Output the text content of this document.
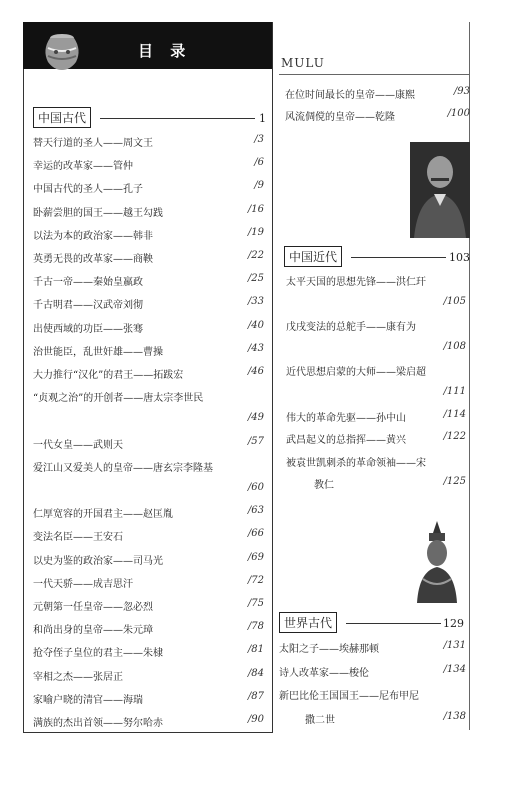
目 录
MULU
中国古代	1
替天行道的圣人——周文王	/3
幸运的改革家——管仲	/6
中国古代的圣人——孔子	/9
卧薪尝胆的国王——越王勾践	/16
以法为本的政治家——韩非	/19
英勇无畏的改革家——商鞅	/22
千古一帝——秦始皇嬴政	/25
千古明君——汉武帝刘彻	/33
出使西域的功臣——张骞	/40
治世能臣，乱世奸雄——曹操	/43
大力推行“汉化”的君王——拓跋宏	/46
“贞观之治”的开创者——唐太宗李世民
/49
一代女皇——武则天	/57
爱江山又爱美人的皇帝——唐玄宗李隆基
/60
仁厚宽容的开国君主——赵匡胤	/63
变法名臣——王安石	/66
以史为鉴的政治家——司马光	/69
一代天骄——成吉思汗	/72
元朝第一任皇帝——忽必烈	/75
和尚出身的皇帝——朱元璋	/78
抢夺侄子皇位的君主——朱棣	/81
宰相之杰——张居正	/84
家喻户晓的清官——海瑞	/87
满族的杰出首领——努尔哈赤	/90
在位时间最长的皇帝——康熙	/93
风流倜傥的皇帝——乾隆	/100
中国近代	103
太平天国的思想先锋——洪仁玕
/105
戊戌变法的总舵手——康有为
/108
近代思想启蒙的大师——梁启超
/111
伟大的革命先驱——孙中山	/114
武昌起义的总指挥——黄兴	/122
被袁世凯刺杀的革命领袖——宋
教仁	/125
世界古代	129
太阳之子——埃赫那顿	/131
诗人改革家——梭伦	/134
新巴比伦王国国王——尼布甲尼
撒二世	/138
